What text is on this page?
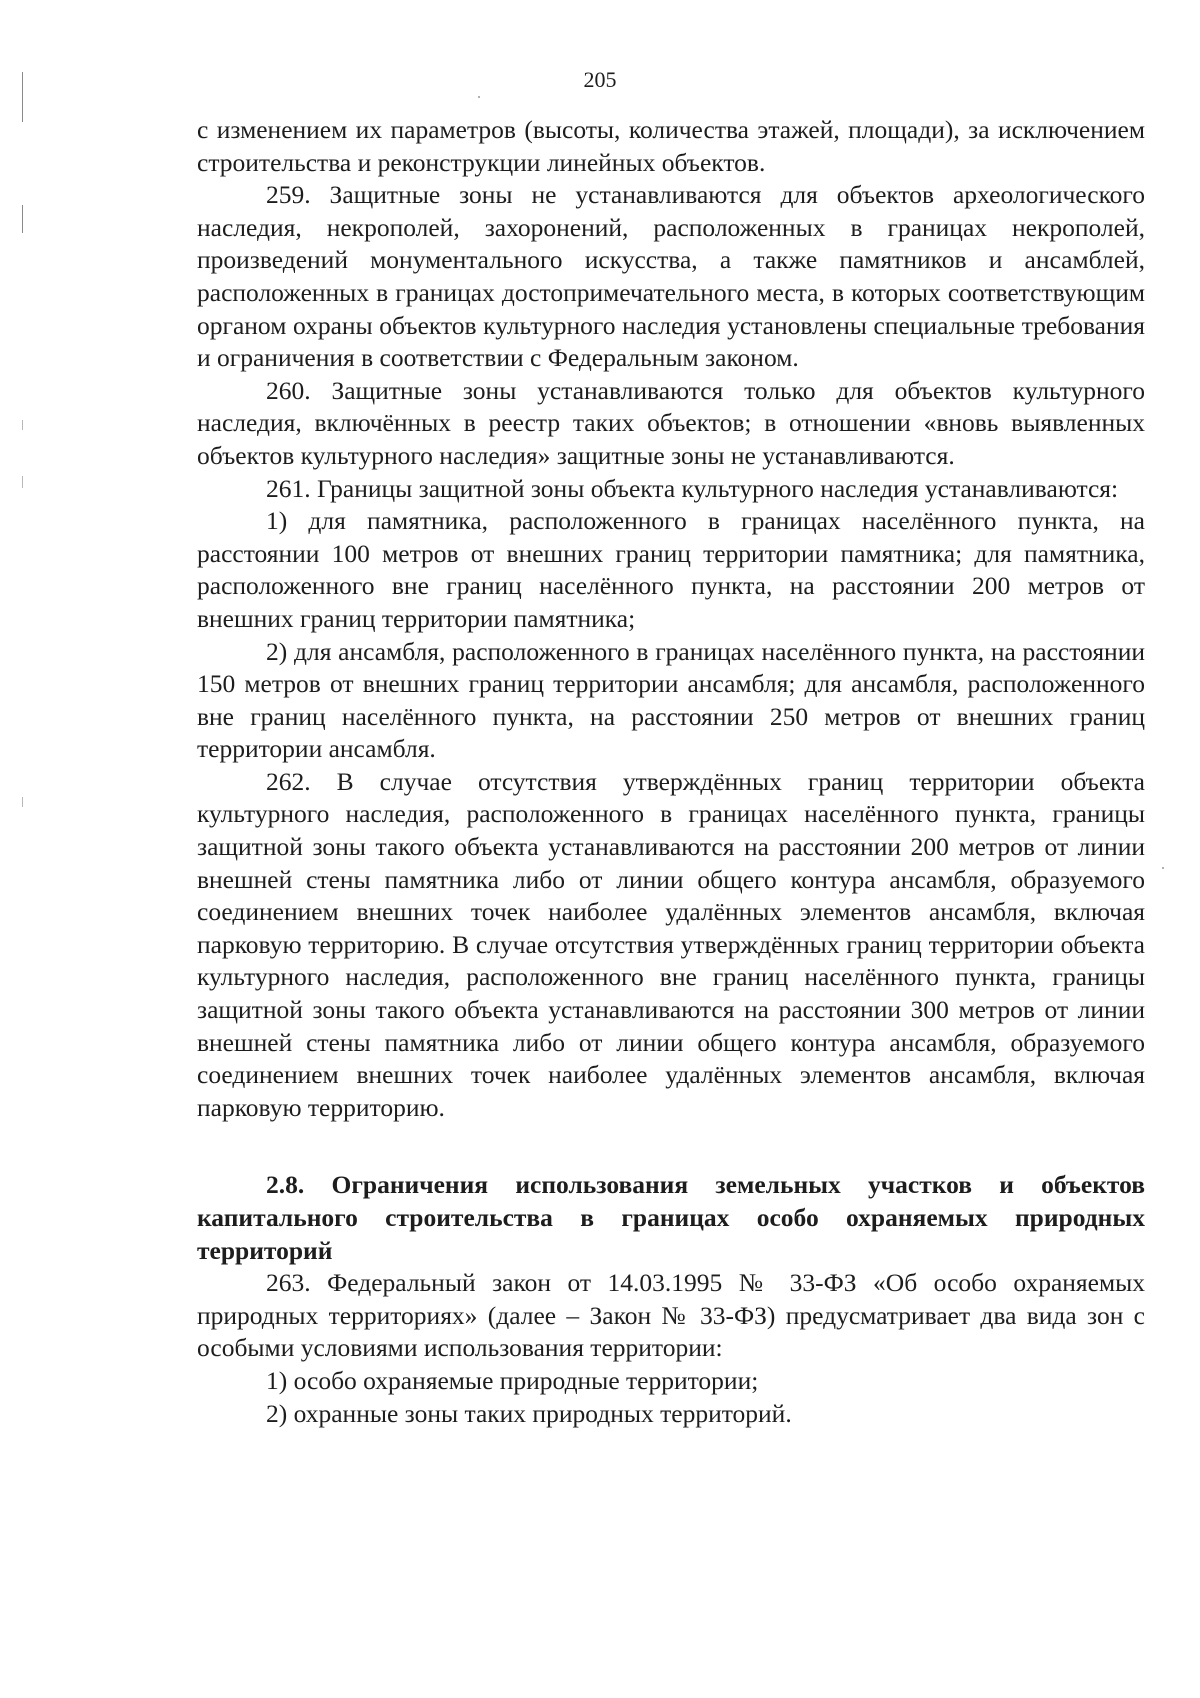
205

с изменением их параметров (высоты, количества этажей, площади), за исключением строительства и реконструкции линейных объектов.

259. Защитные зоны не устанавливаются для объектов археологического наследия, некрополей, захоронений, расположенных в границах некрополей, произведений монументального искусства, а также памятников и ансамблей, расположенных в границах достопримечательного места, в которых соответствующим органом охраны объектов культурного наследия установлены специальные требования и ограничения в соответствии с Федеральным законом.

260. Защитные зоны устанавливаются только для объектов культурного наследия, включённых в реестр таких объектов; в отношении «вновь выявленных объектов культурного наследия» защитные зоны не устанавливаются.

261. Границы защитной зоны объекта культурного наследия устанавливаются:

1) для памятника, расположенного в границах населённого пункта, на расстоянии 100 метров от внешних границ территории памятника; для памятника, расположенного вне границ населённого пункта, на расстоянии 200 метров от внешних границ территории памятника;

2) для ансамбля, расположенного в границах населённого пункта, на расстоянии 150 метров от внешних границ территории ансамбля; для ансамбля, расположенного вне границ населённого пункта, на расстоянии 250 метров от внешних границ территории ансамбля.

262. В случае отсутствия утверждённых границ территории объекта культурного наследия, расположенного в границах населённого пункта, границы защитной зоны такого объекта устанавливаются на расстоянии 200 метров от линии внешней стены памятника либо от линии общего контура ансамбля, образуемого соединением внешних точек наиболее удалённых элементов ансамбля, включая парковую территорию. В случае отсутствия утверждённых границ территории объекта культурного наследия, расположенного вне границ населённого пункта, границы защитной зоны такого объекта устанавливаются на расстоянии 300 метров от линии внешней стены памятника либо от линии общего контура ансамбля, образуемого соединением внешних точек наиболее удалённых элементов ансамбля, включая парковую территорию.

2.8. Ограничения использования земельных участков и объектов капитального строительства в границах особо охраняемых природных территорий

263. Федеральный закон от 14.03.1995 № 33-ФЗ «Об особо охраняемых природных территориях» (далее – Закон № 33-ФЗ) предусматривает два вида зон с особыми условиями использования территории:

1) особо охраняемые природные территории;

2) охранные зоны таких природных территорий.
